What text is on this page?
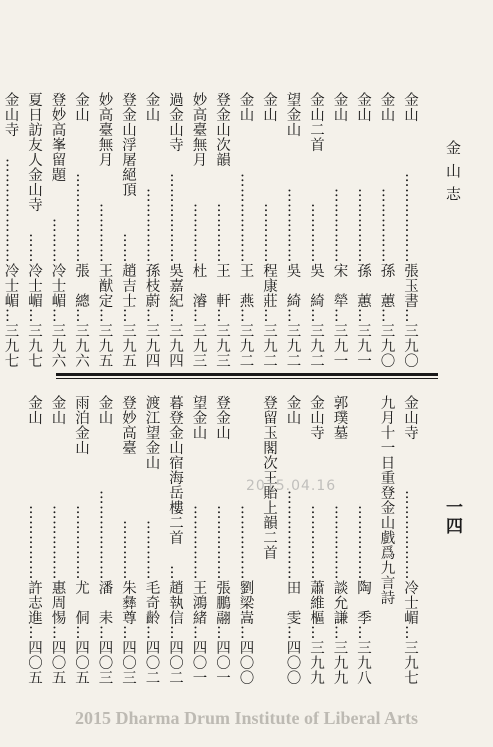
金山志
一四
金山
………………張玉書…三九〇
金山
……………孫　蕙…三九〇
金山
……………孫　蕙…三九一
金山
……………宋　犖…三九一
金山二首
…………吳　綺…三九二
望金山
……………吳　綺…三九二
金山
…………程康莊…三九二
金山
………………王　燕…三九二
登金山次韻
…………王　軒…三九三
妙高臺無月
…………杜　濬…三九三
過金山寺
………………吳嘉紀…三九四
金山
……………孫枝蔚…三九四
登金山浮屠絕頂
……趙吉士…三九五
妙高臺無月
…………王猷定…三九五
金山
………………張　總…三九六
登妙高峯留題
………冷士嵋…三九六
夏日訪友人金山寺
……冷士嵋…三九七
金山寺
…………………冷士嵋…三九七
金山寺
………………冷士嵋…三九七
九月十一日重登金山戲爲九言詩
……………陶　季…三九八
郭璞墓
……………談允謙…三九九
金山寺
……………蕭維樞…三九九
金山
………………田　雯…四〇〇
登留玉閣次王貽上韻二首
……………劉梁嵩…四〇〇
登金山
……………張鵬翮…四〇一
望金山
……………王鴻緒…四〇一
暮登金山宿海岳樓二首
…趙執信…四〇二
渡江望金山
…………毛奇齡…四〇二
登妙高臺
…………朱彝尊…四〇三
金山
………………潘　耒…四〇三
雨泊金山
……………尤　侗…四〇五
金山
……………惠周惕…四〇五
金山
……………許志進…四〇五
2015.04.16
2015 Dharma Drum Institute of Liberal Arts
